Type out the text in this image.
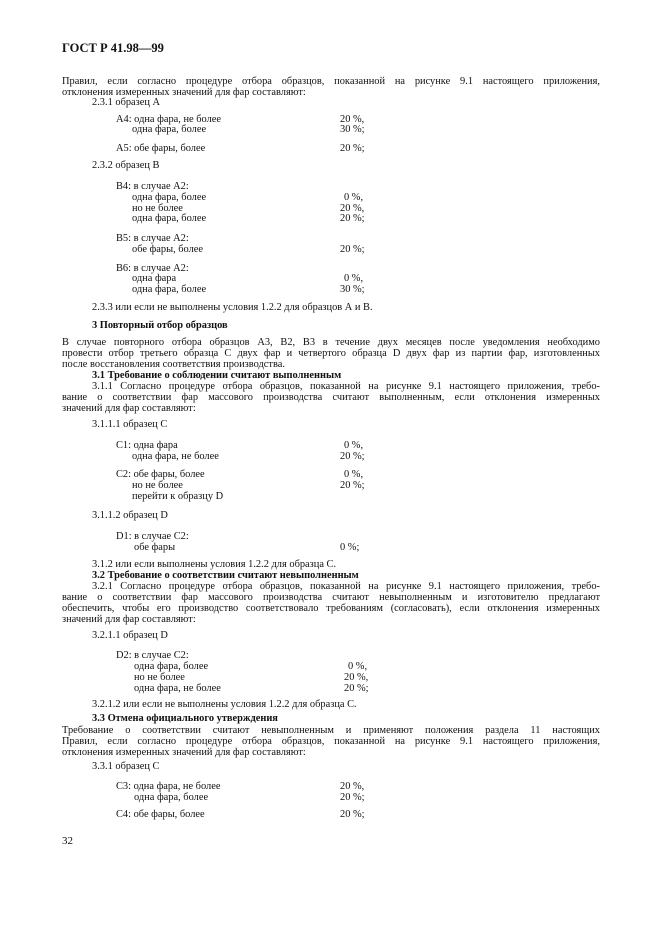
ГОСТ Р 41.98—99
Правил, если согласно процедуре отбора образцов, показанной на рисунке 9.1 настоящего приложения,
отклонения измеренных значений для фар составляют:
2.3.1 образец А
А4: одна фара, не более	20 %,
одна фара, более	30 %;
А5: обе фары, более	20 %;
2.3.2 образец В
В4: в случае А2:
одна фара, более	0 %,
но не более	20 %,
одна фара, более	20 %;
В5: в случае А2:
обе фары, более	20 %;
В6: в случае А2:
одна фара	0 %,
одна фара, более	30 %;
2.3.3 или если не выполнены условия 1.2.2 для образцов А и В.
3 Повторный отбор образцов
В случае повторного отбора образцов А3, В2, В3 в течение двух месяцев после уведомления необходимо
провести отбор третьего образца С двух фар и четвертого образца D двух фар из партии фар, изготовленных
после восстановления соответствия производства.
3.1 Требование о соблюдении считают выполненным
3.1.1 Согласно процедуре отбора образцов, показанной на рисунке 9.1 настоящего приложения, требо-
вание о соответствии фар массового производства считают выполненным, если отклонения измеренных
значений для фар составляют:
3.1.1.1 образец С
С1: одна фара	0 %,
одна фара, не более	20 %;
С2: обе фары, более	0 %,
но не более	20 %;
перейти к образцу D
3.1.1.2 образец D
D1: в случае С2:
обе фары	0 %;
3.1.2 или если выполнены условия 1.2.2 для образца С.
3.2 Требование о соответствии считают невыполненным
3.2.1 Согласно процедуре отбора образцов, показанной на рисунке 9.1 настоящего приложения, требо-
вание о соответствии фар массового производства считают невыполненным и изготовителю предлагают
обеспечить, чтобы его производство соответствовало требованиям (согласовать), если отклонения измеренных
значений для фар составляют:
3.2.1.1 образец D
D2: в случае С2:
одна фара, более	0 %,
но не более	20 %,
одна фара, не более	20 %;
3.2.1.2 или если не выполнены условия 1.2.2 для образца С.
3.3 Отмена официального утверждения
Требование о соответствии считают невыполненным и применяют положения раздела 11 настоящих
Правил, если согласно процедуре отбора образцов, показанной на рисунке 9.1 настоящего приложения,
отклонения измеренных значений для фар составляют:
3.3.1 образец С
С3: одна фара, не более	20 %,
одна фара, более	20 %;
С4: обе фары, более	20 %;
32
